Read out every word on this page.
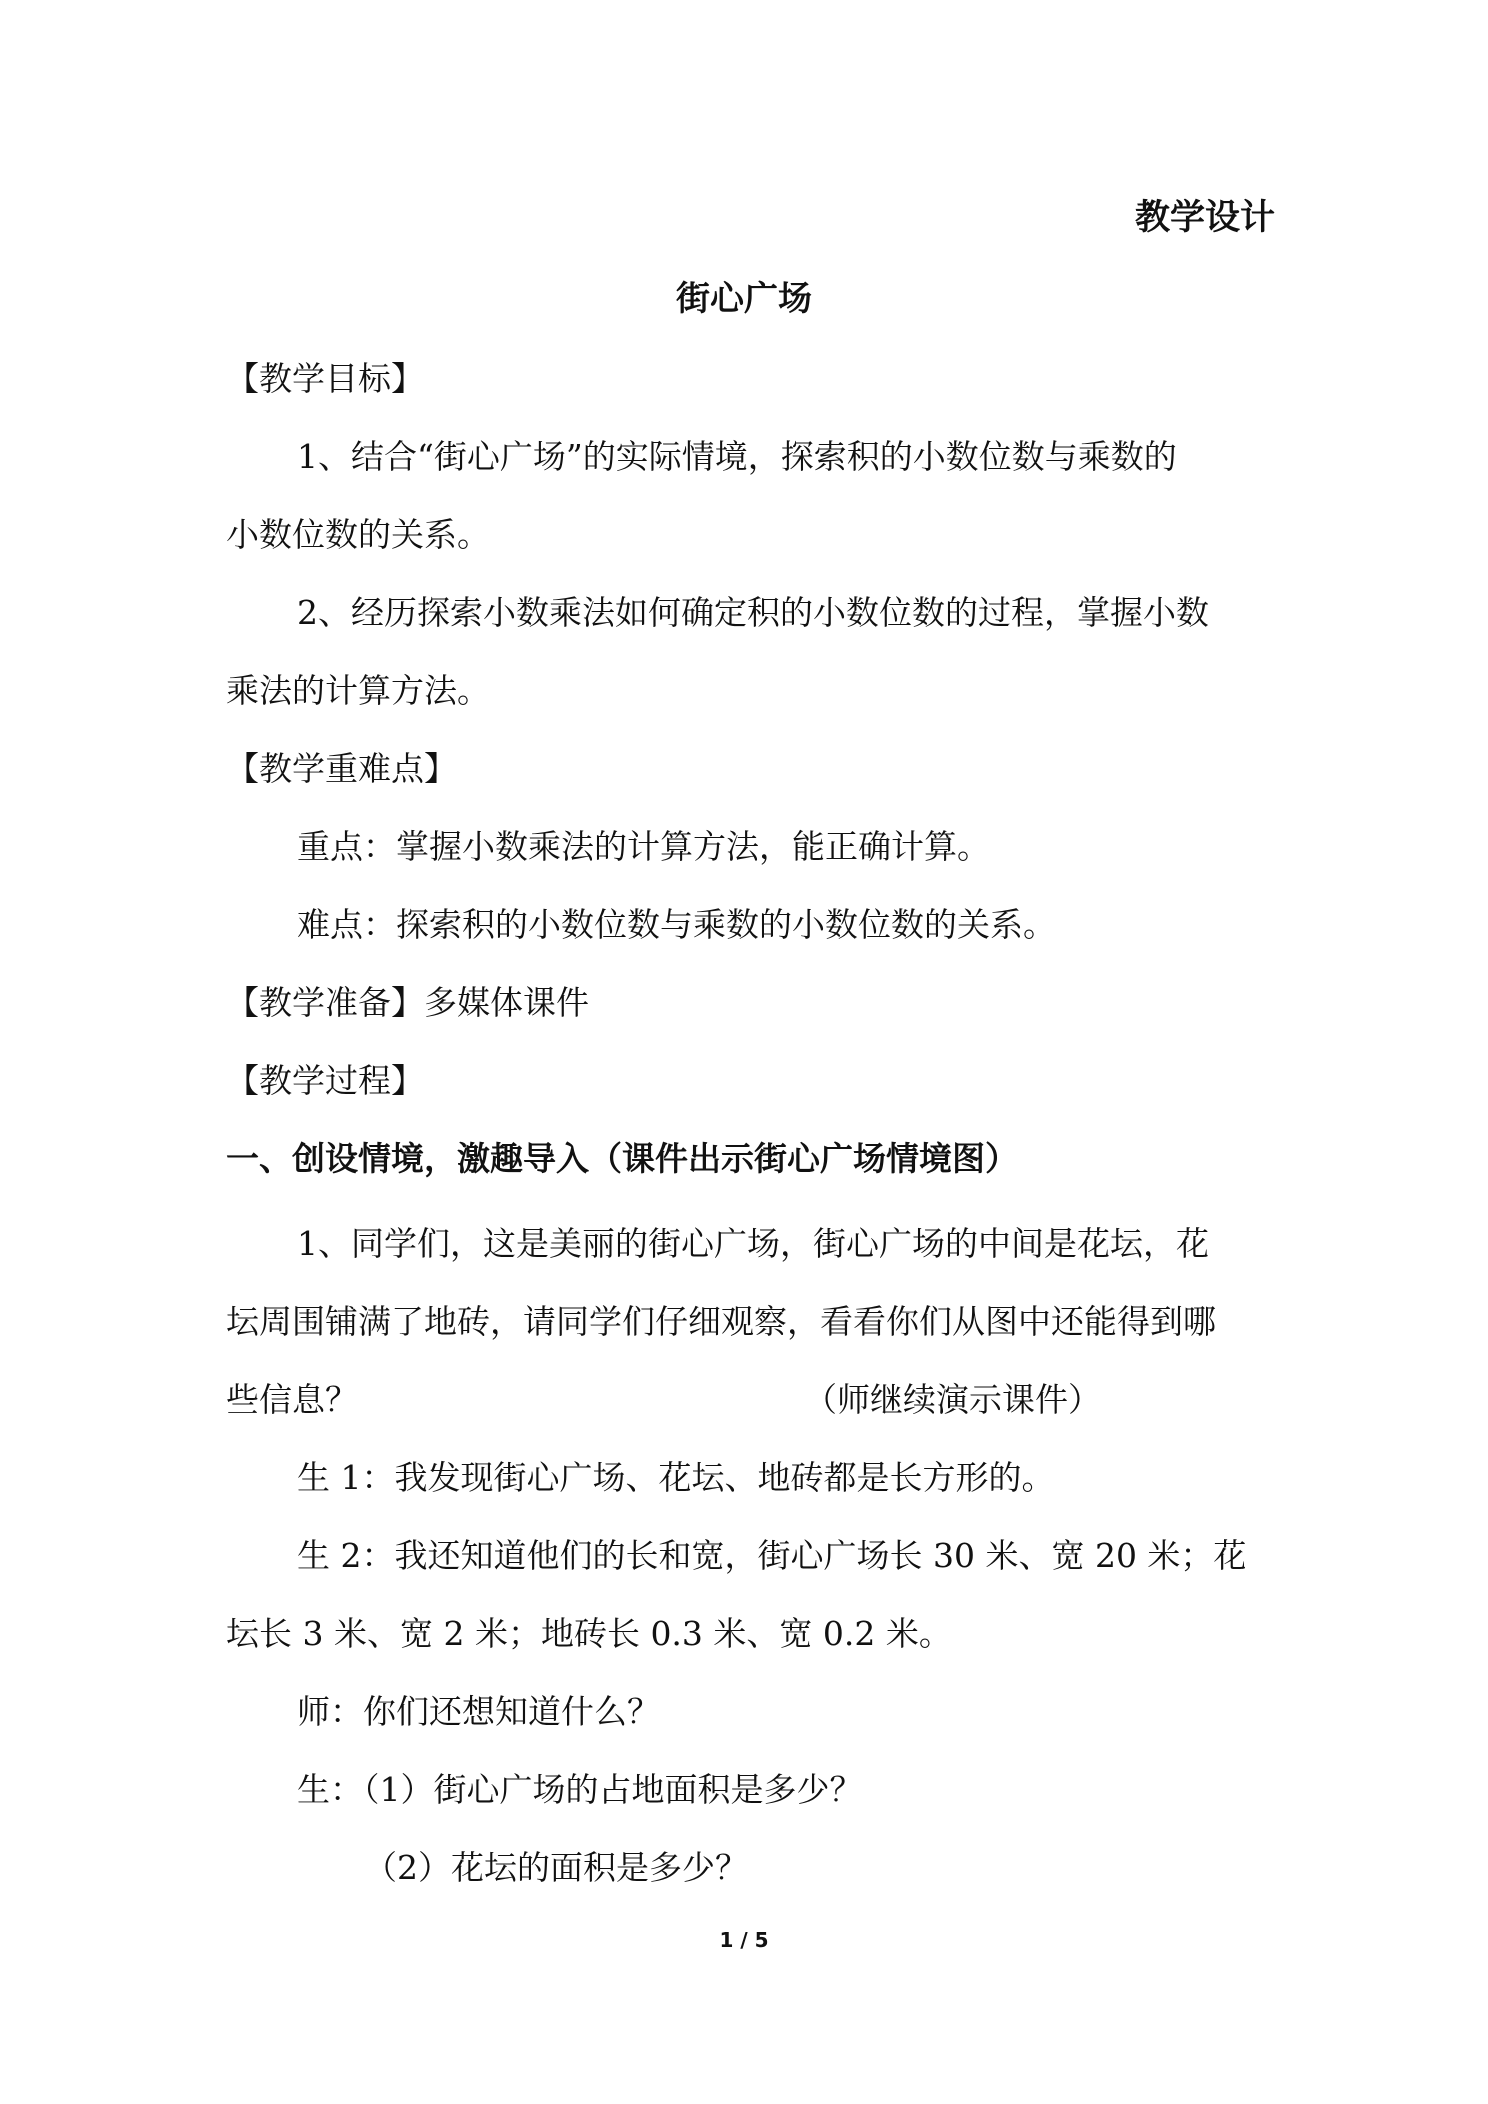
教学设计
街心广场
【教学目标】
1、结合“街心广场”的实际情境，探索积的小数位数与乘数的
小数位数的关系。
2、经历探索小数乘法如何确定积的小数位数的过程，掌握小数
乘法的计算方法。
【教学重难点】
重点：掌握小数乘法的计算方法，能正确计算。
难点：探索积的小数位数与乘数的小数位数的关系。
【教学准备】多媒体课件
【教学过程】
一、创设情境，激趣导入（课件出示街心广场情境图）
1、同学们，这是美丽的街心广场，街心广场的中间是花坛，花
坛周围铺满了地砖，请同学们仔细观察，看看你们从图中还能得到哪
些信息？	（师继续演示课件）
生 1：我发现街心广场、花坛、地砖都是长方形的。
生 2：我还知道他们的长和宽，街心广场长 30 米、宽 20 米；花
坛长 3 米、宽 2 米；地砖长 0.3 米、宽 0.2 米。
师：你们还想知道什么？
生：（1）街心广场的占地面积是多少？
（2）花坛的面积是多少？
1 / 5
